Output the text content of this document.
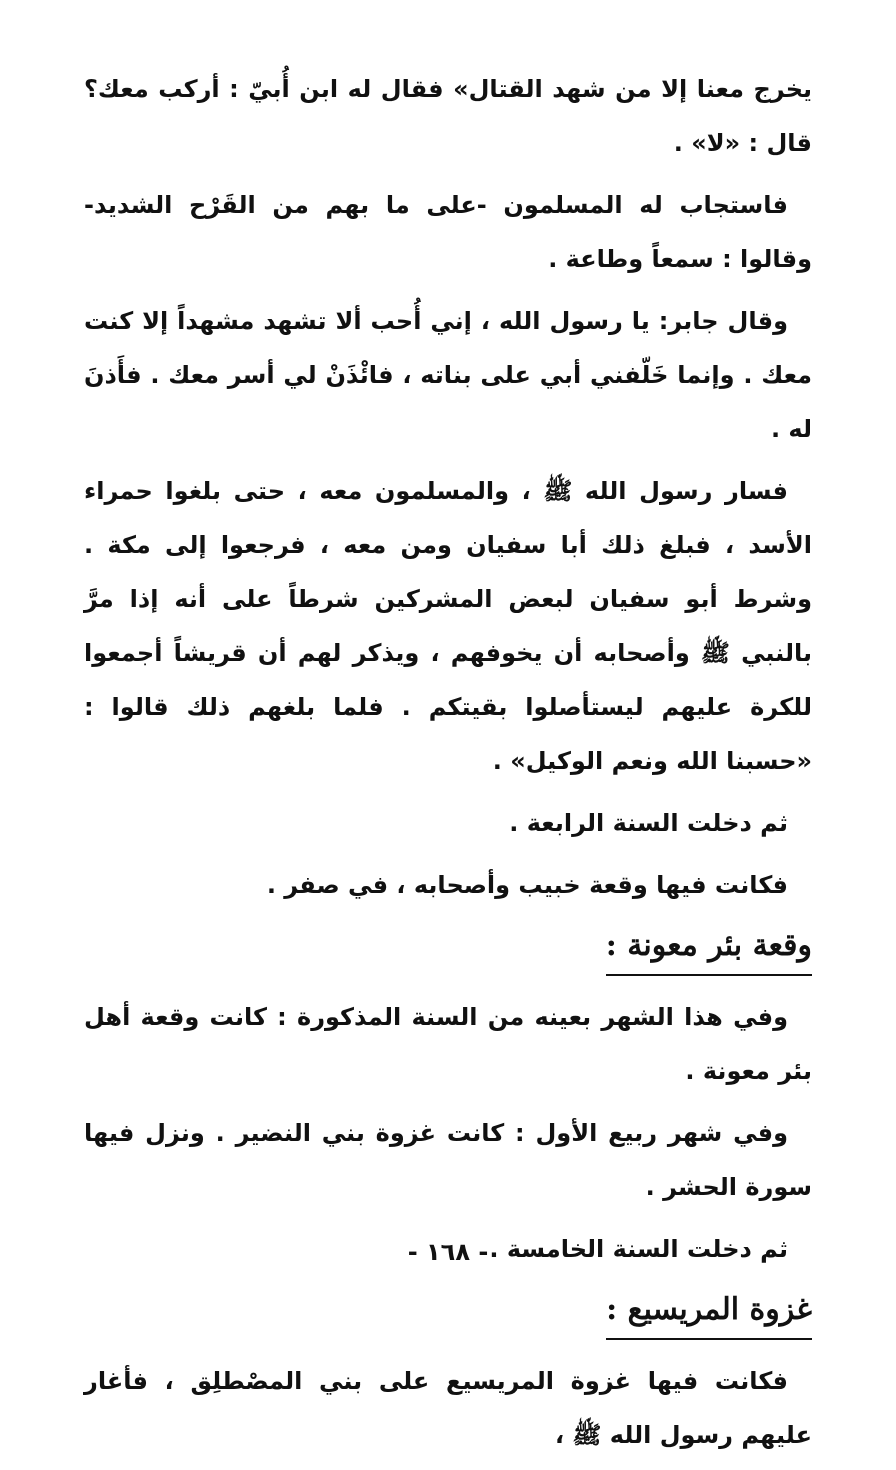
يخرج معنا إلا من شهد القتال» فقال له ابن أُبيّ : أركب معك؟ قال : «لا» .

فاستجاب له المسلمون -على ما بهم من القَرْح الشديد- وقالوا : سمعاً وطاعة .

وقال جابر: يا رسول الله ، إني أُحب ألا تشهد مشهداً إلا كنت معك . وإنما خَلّفني أبي على بناته ، فائْذَنْ لي أسر معك . فأَذنَ له .

فسار رسول الله ﷺ ، والمسلمون معه ، حتى بلغوا حمراء الأسد ، فبلغ ذلك أبا سفيان ومن معه ، فرجعوا إلى مكة . وشرط أبو سفيان لبعض المشركين شرطاً على أنه إذا مرَّ بالنبي ﷺ وأصحابه أن يخوفهم ، ويذكر لهم أن قريشاً أجمعوا للكرة عليهم ليستأصلوا بقيتكم . فلما بلغهم ذلك قالوا : «حسبنا الله ونعم الوكيل» .

ثم دخلت السنة الرابعة .

فكانت فيها وقعة خبيب وأصحابه ، في صفر .

وقعة بئر معونة :

وفي هذا الشهر بعينه من السنة المذكورة : كانت وقعة أهل بئر معونة .

وفي شهر ربيع الأول : كانت غزوة بني النضير . ونزل فيها سورة الحشر .

ثم دخلت السنة الخامسة .

غزوة المريسيع :

فكانت فيها غزوة المريسيع على بني المصْطلِق ، فأغار عليهم رسول الله ﷺ ،

- ١٦٨ -
